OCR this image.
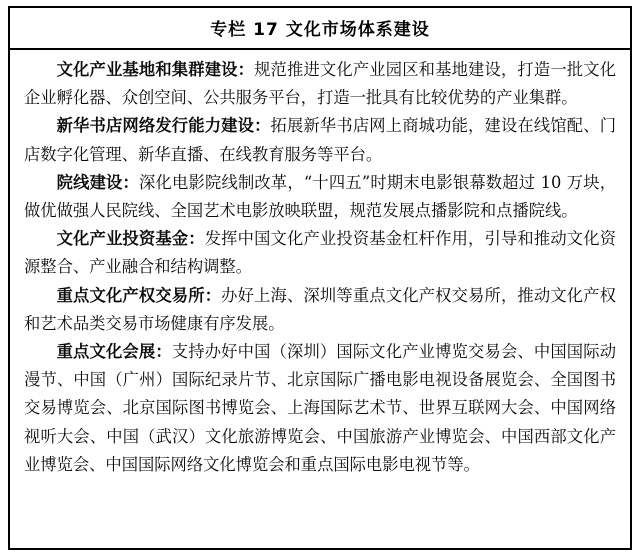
专栏 17 文化市场体系建设

文化产业基地和集群建设：规范推进文化产业园区和基地建设，打造一批文化企业孵化器、众创空间、公共服务平台，打造一批具有比较优势的产业集群。

新华书店网络发行能力建设：拓展新华书店网上商城功能，建设在线馆配、门店数字化管理、新华直播、在线教育服务等平台。

院线建设：深化电影院线制改革，“十四五”时期末电影银幕数超过 10 万块，做优做强人民院线、全国艺术电影放映联盟，规范发展点播影院和点播院线。

文化产业投资基金：发挥中国文化产业投资基金杠杆作用，引导和推动文化资源整合、产业融合和结构调整。

重点文化产权交易所：办好上海、深圳等重点文化产权交易所，推动文化产权和艺术品类交易市场健康有序发展。

重点文化会展：支持办好中国（深圳）国际文化产业博览交易会、中国国际动漫节、中国（广州）国际纪录片节、北京国际广播电影电视设备展览会、全国图书交易博览会、北京国际图书博览会、上海国际艺术节、世界互联网大会、中国网络视听大会、中国（武汉）文化旅游博览会、中国旅游产业博览会、中国西部文化产业博览会、中国国际网络文化博览会和重点国际电影电视节等。
